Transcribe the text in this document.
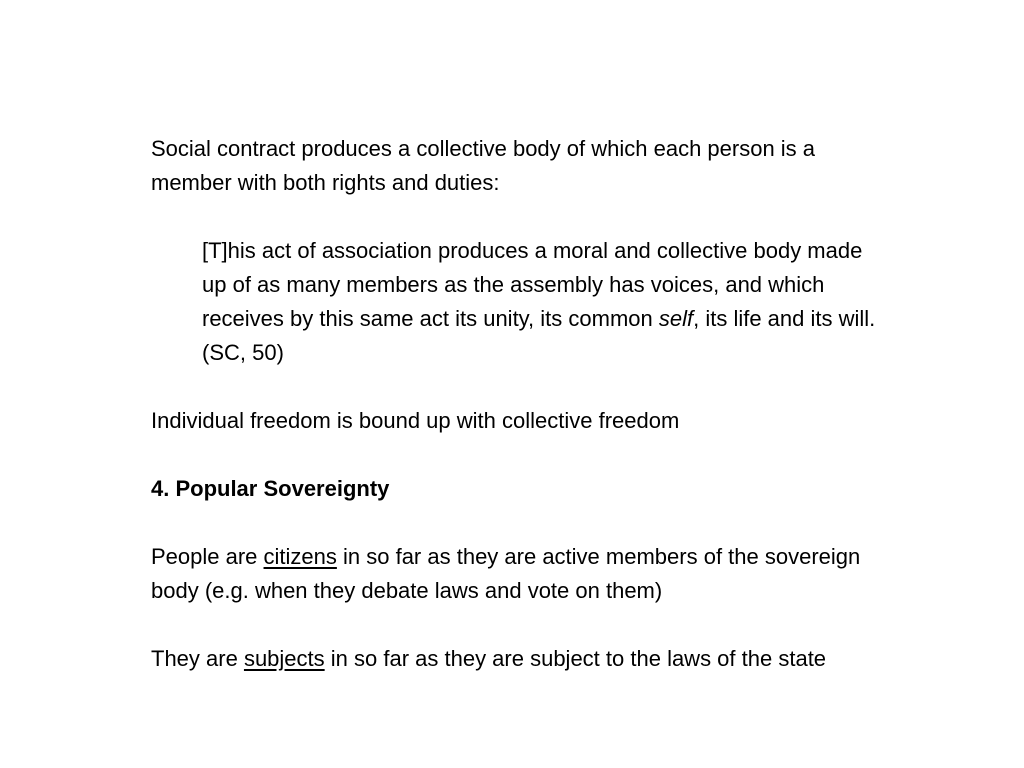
Social contract produces a collective body of which each person is a member with both rights and duties:

[T]his act of association produces a moral and collective body made up of as many members as the assembly has voices, and which receives by this same act its unity, its common self, its life and its will. (SC, 50)

Individual freedom is bound up with collective freedom

4. Popular Sovereignty

People are citizens in so far as they are active members of the sovereign body (e.g. when they debate laws and vote on them)

They are subjects in so far as they are subject to the laws of the state
